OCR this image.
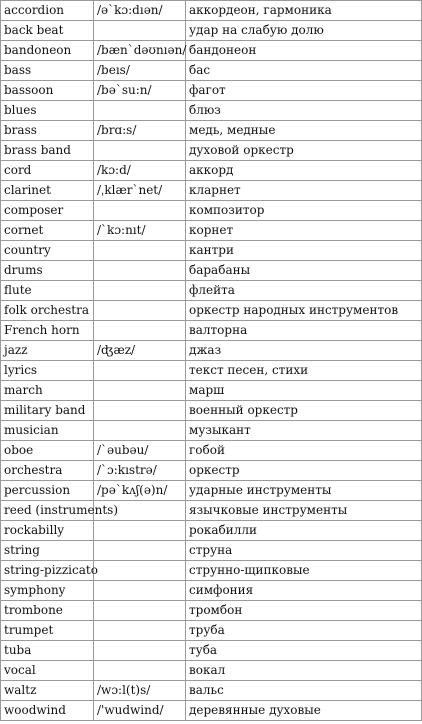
accordion	/ə`kɔ:dıən/	аккордеон, гармоника
back beat		удар на слабую долю
bandoneon	/bæn`dəʊnıən/	бандонеон
bass	/beıs/	бас
bassoon	/bə`su:n/	фагот
blues		блюз
brass	/brɑ:s/	медь, медные
brass band		духовой оркестр
cord	/kɔ:d/	аккорд
clarinet	/ˌklær`net/	кларнет
composer		композитор
cornet	/`kɔ:nıt/	корнет
country		кантри
drums		барабаны
flute		флейта
folk orchestra		оркестр народных инструментов
French horn		валторна
jazz	/ʤæz/	джаз
lyrics		текст песен, стихи
march		марш
military band		военный оркестр
musician		музыкант
oboe	/`əubəu/	гобой
orchestra	/`ɔ:kıstrə/	оркестр
percussion	/pə`kʌʃ(ə)n/	ударные инструменты
reed (instruments)		язычковые инструменты
rockabilly		рокабилли
string		струна
string-pizzicato		струнно-щипковые
symphony		симфония
trombone		тромбон
trumpet		труба
tuba		туба
vocal		вокал
waltz	/wɔ:l(t)s/	вальс
woodwind	/'wudwind/	деревянные духовые
